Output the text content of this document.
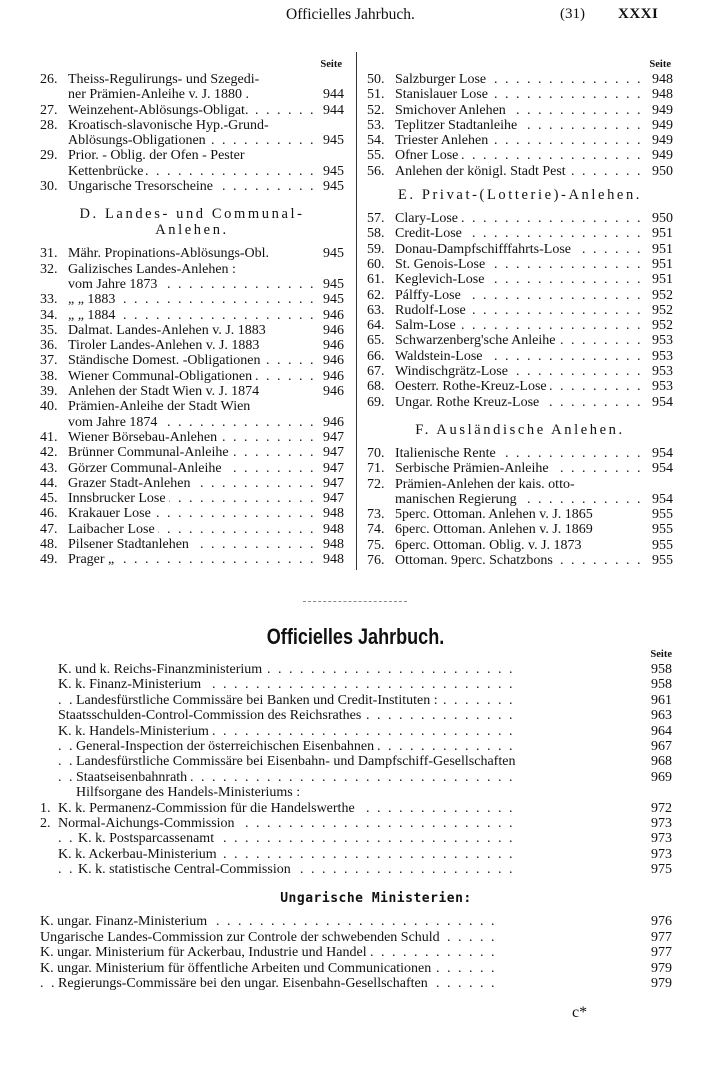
Officielles Jahrbuch.	(31) XXXI
Seite
26. Theiss-Regulirungs- und Szegedi-
ner Prämien-Anleihe v. J. 1880 .	944
27. Weinzehent-Ablösungs-Obligat. . . .	944
28. Kroatisch-slavonische Hyp.-Grund-
Ablösungs-Obligationen . . .	945
29. Prior. - Oblig. der Ofen - Pester
Kettenbrücke . . .	945
30. Ungarische Tresorscheine . . .	945
D. Landes- und Communal-
Anlehen.
31. Mähr. Propinations-Ablösungs-Obl.	945
32. Galizisches Landes-Anlehen :
vom Jahre 1873 . . .	945
33. „ „ 1883 . . .	945
34. „ „ 1884 . . .	946
35. Dalmat. Landes-Anlehen v. J. 1883	946
36. Tiroler Landes-Anlehen v. J. 1883	946
37. Ständische Domest. -Obligationen . . .	946
38. Wiener Communal-Obligationen . . .	946
39. Anlehen der Stadt Wien v. J. 1874	946
40. Prämien-Anleihe der Stadt Wien
vom Jahre 1874 . . .	946
41. Wiener Börsebau-Anlehen . . .	947
42. Brünner Communal-Anleihe . . .	947
43. Görzer Communal-Anleihe . . .	947
44. Grazer Stadt-Anlehen . . .	947
45. Innsbrucker Lose . . .	947
46. Krakauer Lose . . .	948
47. Laibacher Lose . . .	948
48. Pilsener Stadtanlehen . . .	948
49. Prager „ . . .	948
Seite
50. Salzburger Lose . . .	948
51. Stanislauer Lose . . .	948
52. Smichover Anlehen . . .	949
53. Teplitzer Stadtanleihe . . .	949
54. Triester Anlehen . . .	949
55. Ofner Lose . . .	949
56. Anlehen der königl. Stadt Pest . . .	950
E. Privat-(Lotterie)-Anlehen.
57. Clary-Lose . . .	950
58. Credit-Lose . . .	951
59. Donau-Dampfschifffahrts-Lose . . .	951
60. St. Genois-Lose . . .	951
61. Keglevich-Lose . . .	951
62. Pálffy-Lose . . .	952
63. Rudolf-Lose . . .	952
64. Salm-Lose . . .	952
65. Schwarzenberg'sche Anleihe . . .	953
66. Waldstein-Lose . . .	953
67. Windischgrätz-Lose . . .	953
68. Oesterr. Rothe-Kreuz-Lose . . .	953
69. Ungar. Rothe Kreuz-Lose . . .	954
F. Ausländische Anlehen.
70. Italienische Rente . . .	954
71. Serbische Prämien-Anleihe . . .	954
72. Prämien-Anlehen der kais. otto-
manischen Regierung . . .	954
73. 5perc. Ottoman. Anlehen v. J. 1865	955
74. 6perc. Ottoman. Anlehen v. J. 1869	955
75. 6perc. Ottoman. Oblig. v. J. 1873	955
76. Ottoman. 9perc. Schatzbons . . .	955
Officielles Jahrbuch.
Seite
K. und k. Reichs-Finanzministerium . . .	958
K. k. Finanz-Ministerium . . .	958
Landesfürstliche Commissäre bei Banken und Credit-Instituten : . . .	961
Staatsschulden-Control-Commission des Reichsrathes . . .	963
K. k. Handels-Ministerium . . .	964
General-Inspection der österreichischen Eisenbahnen . . .	967
Landesfürstliche Commissäre bei Eisenbahn- und Dampfschiff-Gesellschaften . . .	968
Staatseisenbahnrath . . .	969
Hilfsorgane des Handels-Ministeriums :
1. K. k. Permanenz-Commission für die Handelswerthe . . .	972
2. Normal-Aichungs-Commission . . .	973
K. k. Postsparcassenamt . . .	973
K. k. Ackerbau-Ministerium . . .	973
K. k. statistische Central-Commission . . .	975
Ungarische Ministerien:
K. ungar. Finanz-Ministerium . . .	976
Ungarische Landes-Commission zur Controle der schwebenden Schuld . . .	977
K. ungar. Ministerium für Ackerbau, Industrie und Handel . . .	977
K. ungar. Ministerium für öffentliche Arbeiten und Communicationen . . .	979
Regierungs-Commissäre bei den ungar. Eisenbahn-Gesellschaften . . .	979
c*
